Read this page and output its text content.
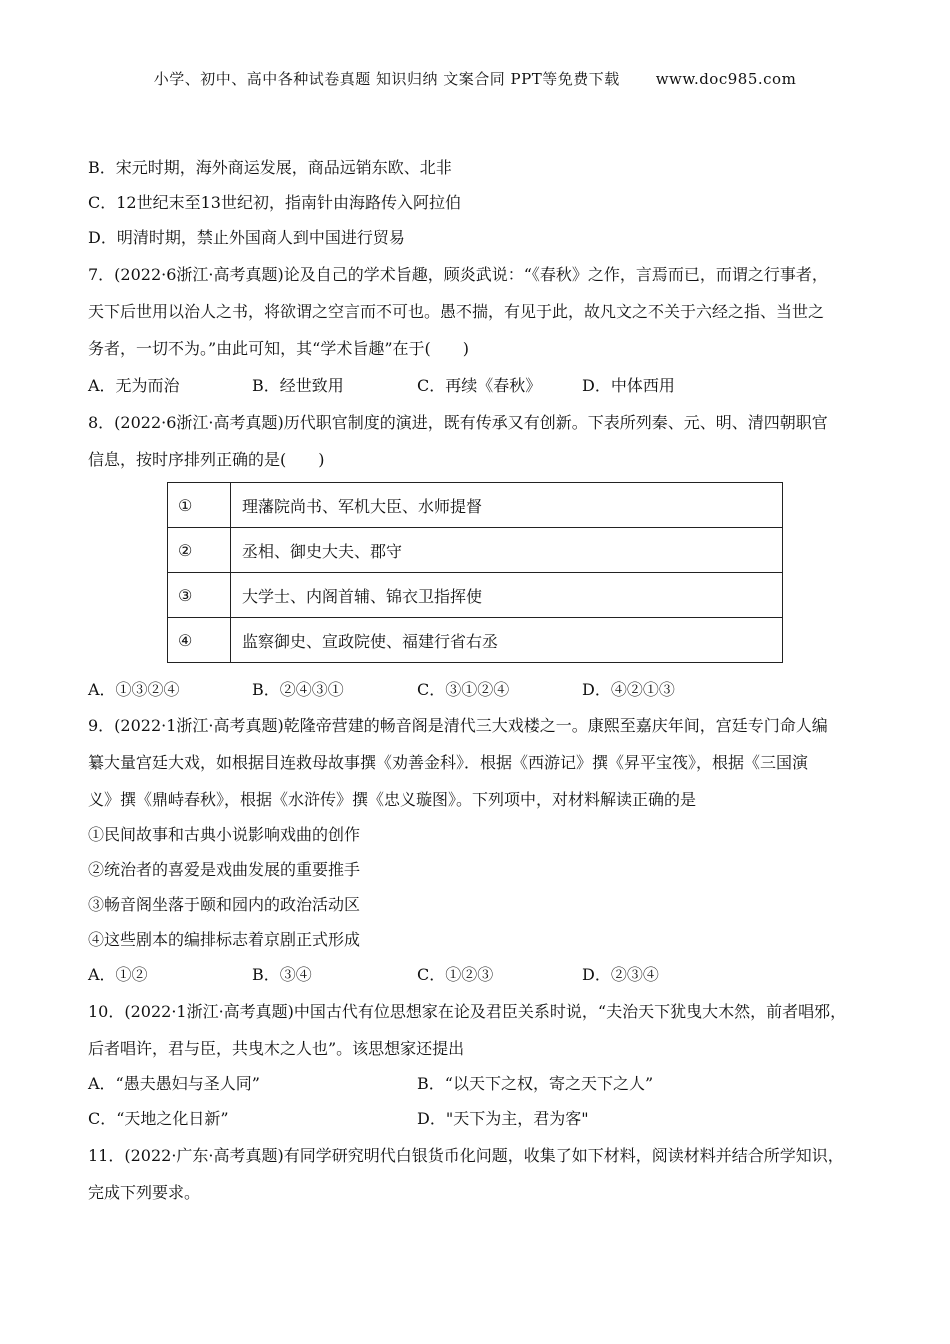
小学、初中、高中各种试卷真题 知识归纳 文案合同 PPT等免费下载 www.doc985.com
B．宋元时期，海外商运发展，商品远销东欧、北非
C．12世纪末至13世纪初，指南针由海路传入阿拉伯
D．明清时期，禁止外国商人到中国进行贸易
7．(2022·6浙江·高考真题)论及自己的学术旨趣，顾炎武说：“《春秋》之作，言焉而已，而谓之行事者，
天下后世用以治人之书，将欲谓之空言而不可也。愚不揣，有见于此，故凡文之不关于六经之指、当世之
务者，一切不为。”由此可知，其“学术旨趣”在于(　　)
A．无为而治	B．经世致用	C．再续《春秋》	D．中体西用
8．(2022·6浙江·高考真题)历代职官制度的演进，既有传承又有创新。下表所列秦、元、明、清四朝职官
信息，按时序排列正确的是(　　)
①	理藩院尚书、军机大臣、水师提督
②	丞相、御史大夫、郡守
③	大学士、内阁首辅、锦衣卫指挥使
④	监察御史、宣政院使、福建行省右丞
A．①③②④	B．②④③①	C．③①②④	D．④②①③
9．(2022·1浙江·高考真题)乾隆帝营建的畅音阁是清代三大戏楼之一。康熙至嘉庆年间，宫廷专门命人编
纂大量宫廷大戏，如根据目连救母故事撰《劝善金科》．根据《西游记》撰《昇平宝筏》，根据《三国演
义》撰《鼎峙春秋》，根据《水浒传》撰《忠义璇图》。下列项中，对材料解读正确的是
①民间故事和古典小说影响戏曲的创作
②统治者的喜爱是戏曲发展的重要推手
③畅音阁坐落于颐和园内的政治活动区
④这些剧本的编排标志着京剧正式形成
A．①②	B．③④	C．①②③	D．②③④
10．(2022·1浙江·高考真题)中国古代有位思想家在论及君臣关系时说，“夫治天下犹曳大木然，前者唱邪，
后者唱许，君与臣，共曳木之人也”。该思想家还提出
A．“愚夫愚妇与圣人同”	B．“以天下之权，寄之天下之人”
C．“天地之化日新”	D．"天下为主，君为客"
11．(2022·广东·高考真题)有同学研究明代白银货币化问题，收集了如下材料，阅读材料并结合所学知识，
完成下列要求。
